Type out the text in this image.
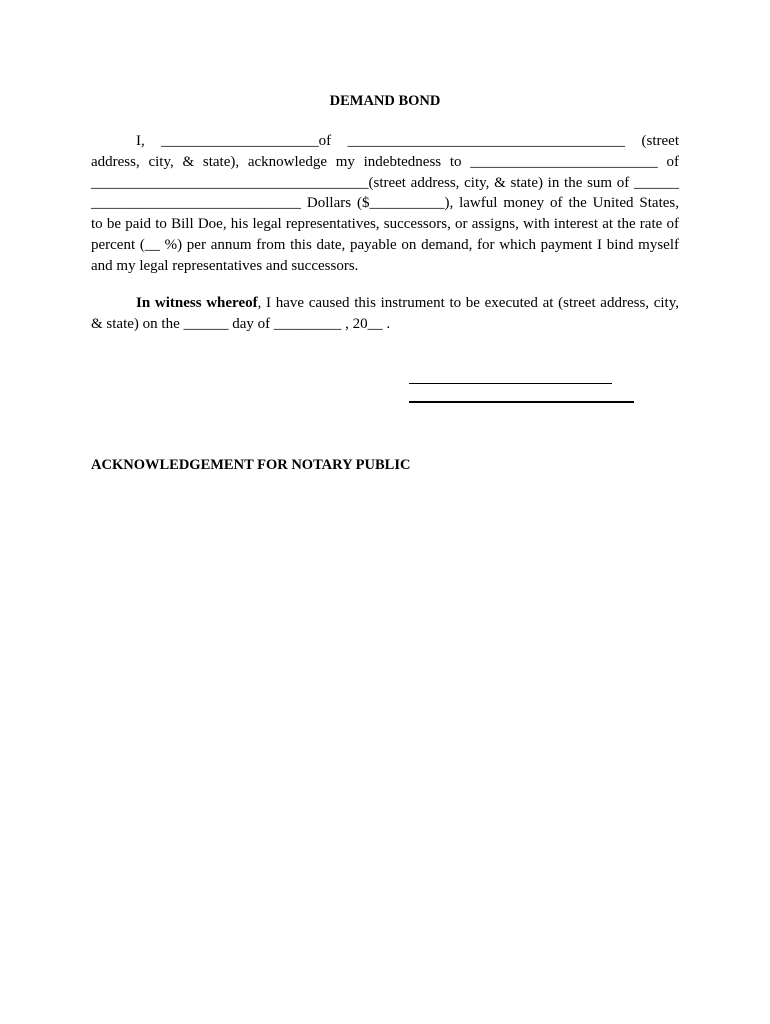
DEMAND BOND
I, _____________________of _____________________________________ (street
address, city, & state), acknowledge my indebtedness to _________________________ of
_____________________________________(street address, city, & state) in the sum of ______
____________________________ Dollars ($__________), lawful money of the United States,
to be paid to Bill Doe, his legal representatives, successors, or assigns, with interest at the rate of
percent (__ %) per annum from this date, payable on demand, for which payment I bind myself
and my legal representatives and successors.
In witness whereof, I have caused this instrument to be executed at (street address, city,
& state) on the ______ day of _________ , 20__ .
ACKNOWLEDGEMENT FOR NOTARY PUBLIC
